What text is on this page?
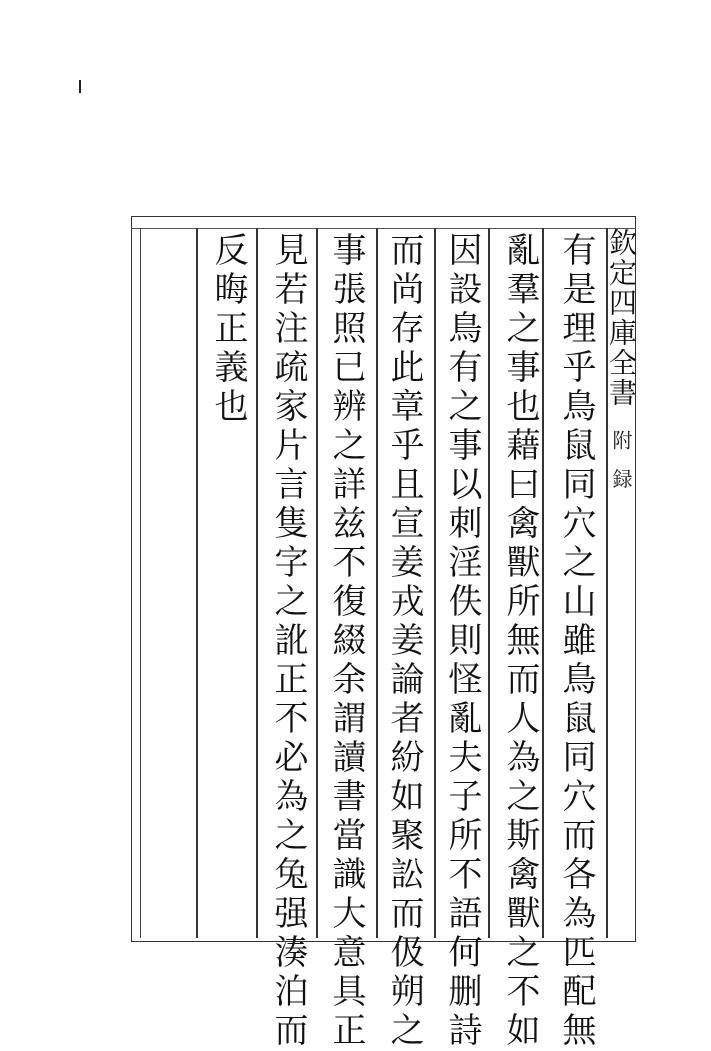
欽定四庫全書
附 録
有是理乎鳥鼠同穴之山雖鳥鼠同穴而各為匹配無
亂羣之事也藉曰禽獸所無而人為之斯禽獸之不如
因設鳥有之事以刺淫佚則怪亂夫子所不語何删詩
而尚存此章乎且宣姜戎姜論者紛如聚訟而伋朔之
事張照已辨之詳兹不復綴余謂讀書當識大意具正
見若注疏家片言隻字之訛正不必為之兔强湊泊而
反晦正義也
